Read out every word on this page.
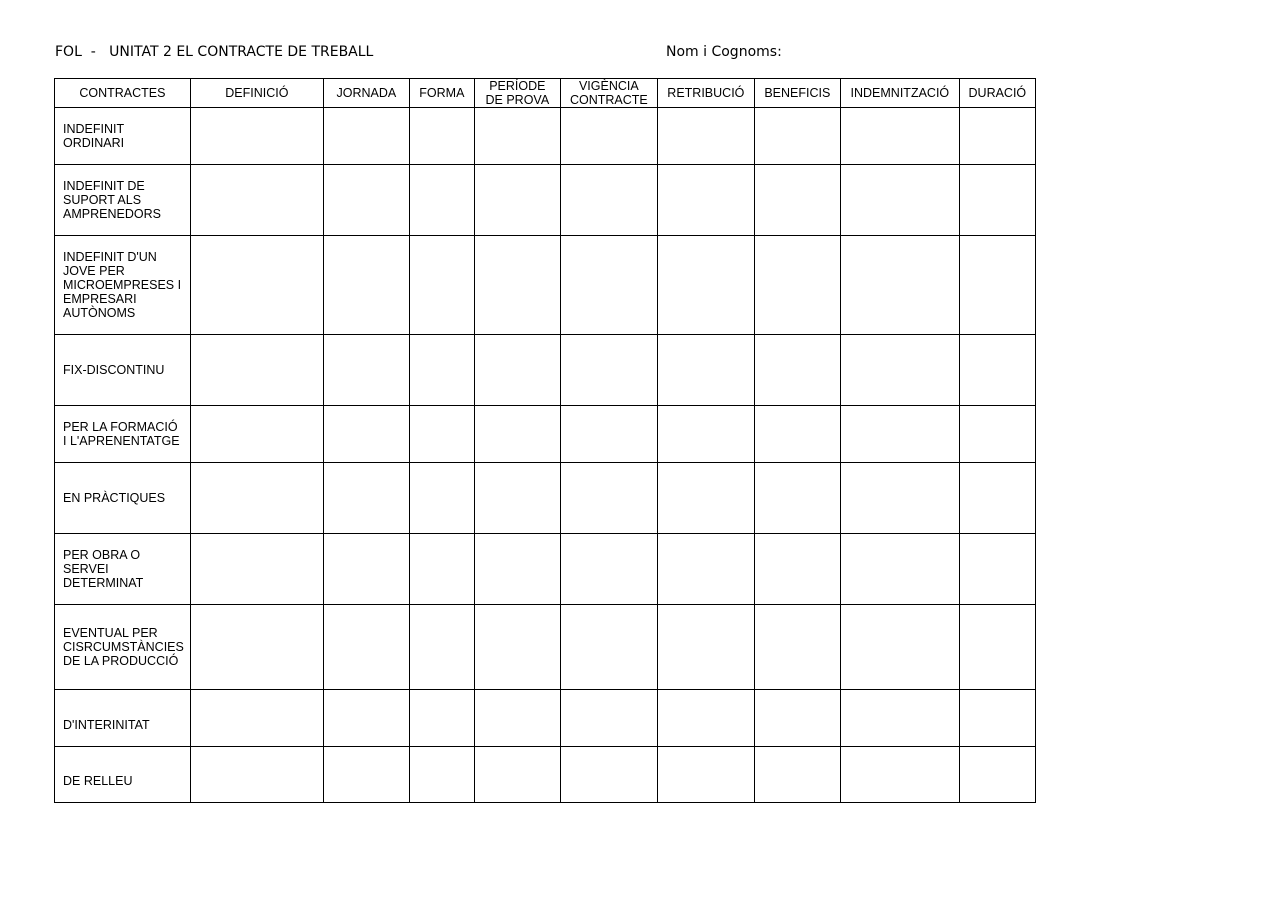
FOL  -   UNITAT 2 EL CONTRACTE DE TREBALL	Nom i Cognoms:
CONTRACTES	DEFINICIÓ	JORNADA	FORMA	PERÍODE DE PROVA	VIGÈNCIA CONTRACTE	RETRIBUCIÓ	BENEFICIS	INDEMNITZACIÓ	DURACIÓ
INDEFINIT ORDINARI									
INDEFINIT DE SUPORT ALS AMPRENEDORS									
INDEFINIT D'UN JOVE PER MICROEMPRESES I EMPRESARI AUTÒNOMS									
FIX-DISCONTINU									
PER LA FORMACIÓ I L'APRENENTATGE									
EN PRÀCTIQUES									
PER OBRA O SERVEI DETERMINAT									
EVENTUAL PER CISRCUMSTÀNCIES DE LA PRODUCCIÓ									
D'INTERINITAT									
DE RELLEU									
